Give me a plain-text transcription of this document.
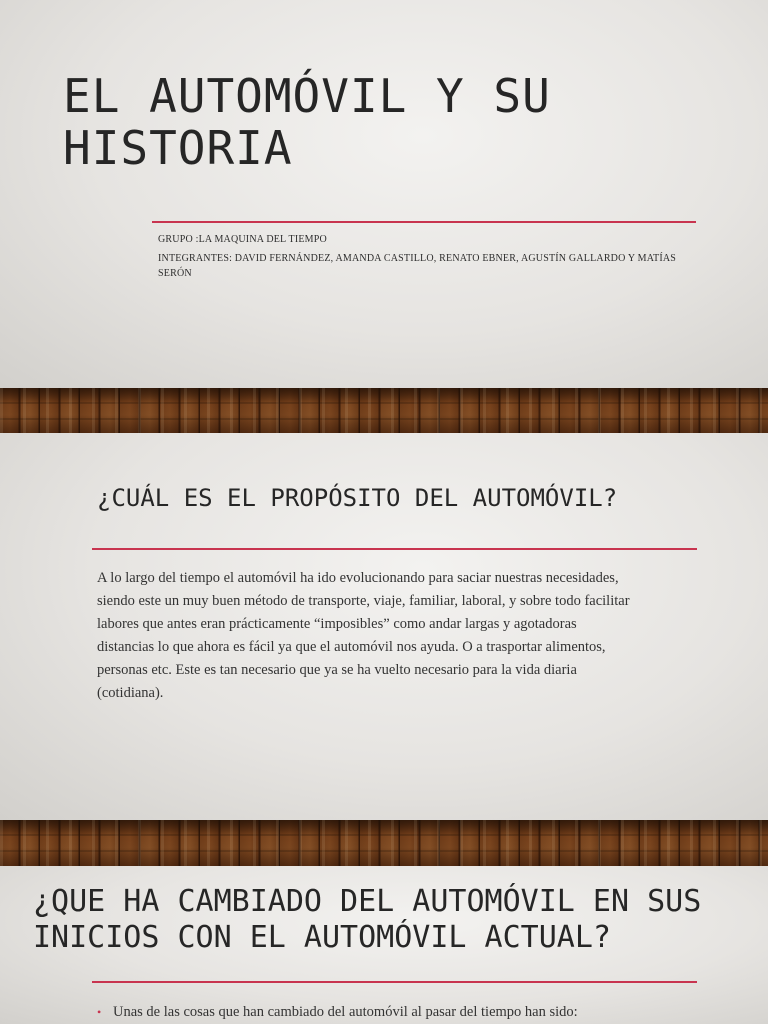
EL AUTOMÓVIL Y SU
HISTORIA
GRUPO :LA MAQUINA DEL TIEMPO
INTEGRANTES: DAVID FERNÁNDEZ, AMANDA CASTILLO, RENATO EBNER, AGUSTÍN GALLARDO Y MATÍAS
SERÓN
¿CUÁL ES EL PROPÓSITO DEL AUTOMÓVIL?
A lo largo del tiempo el automóvil ha ido evolucionando para saciar nuestras necesidades,
siendo este un muy buen método de transporte, viaje, familiar, laboral, y sobre todo facilitar
labores que antes eran prácticamente “imposibles” como andar largas y agotadoras
distancias lo que ahora es fácil ya que el automóvil nos ayuda. O a trasportar alimentos,
personas etc. Este es tan necesario que ya se ha vuelto necesario para la vida diaria
(cotidiana).
¿QUE HA CAMBIADO DEL AUTOMÓVIL EN SUS
INICIOS CON EL AUTOMÓVIL ACTUAL?
• Unas de las cosas que han cambiado del automóvil al pasar del tiempo han sido:
